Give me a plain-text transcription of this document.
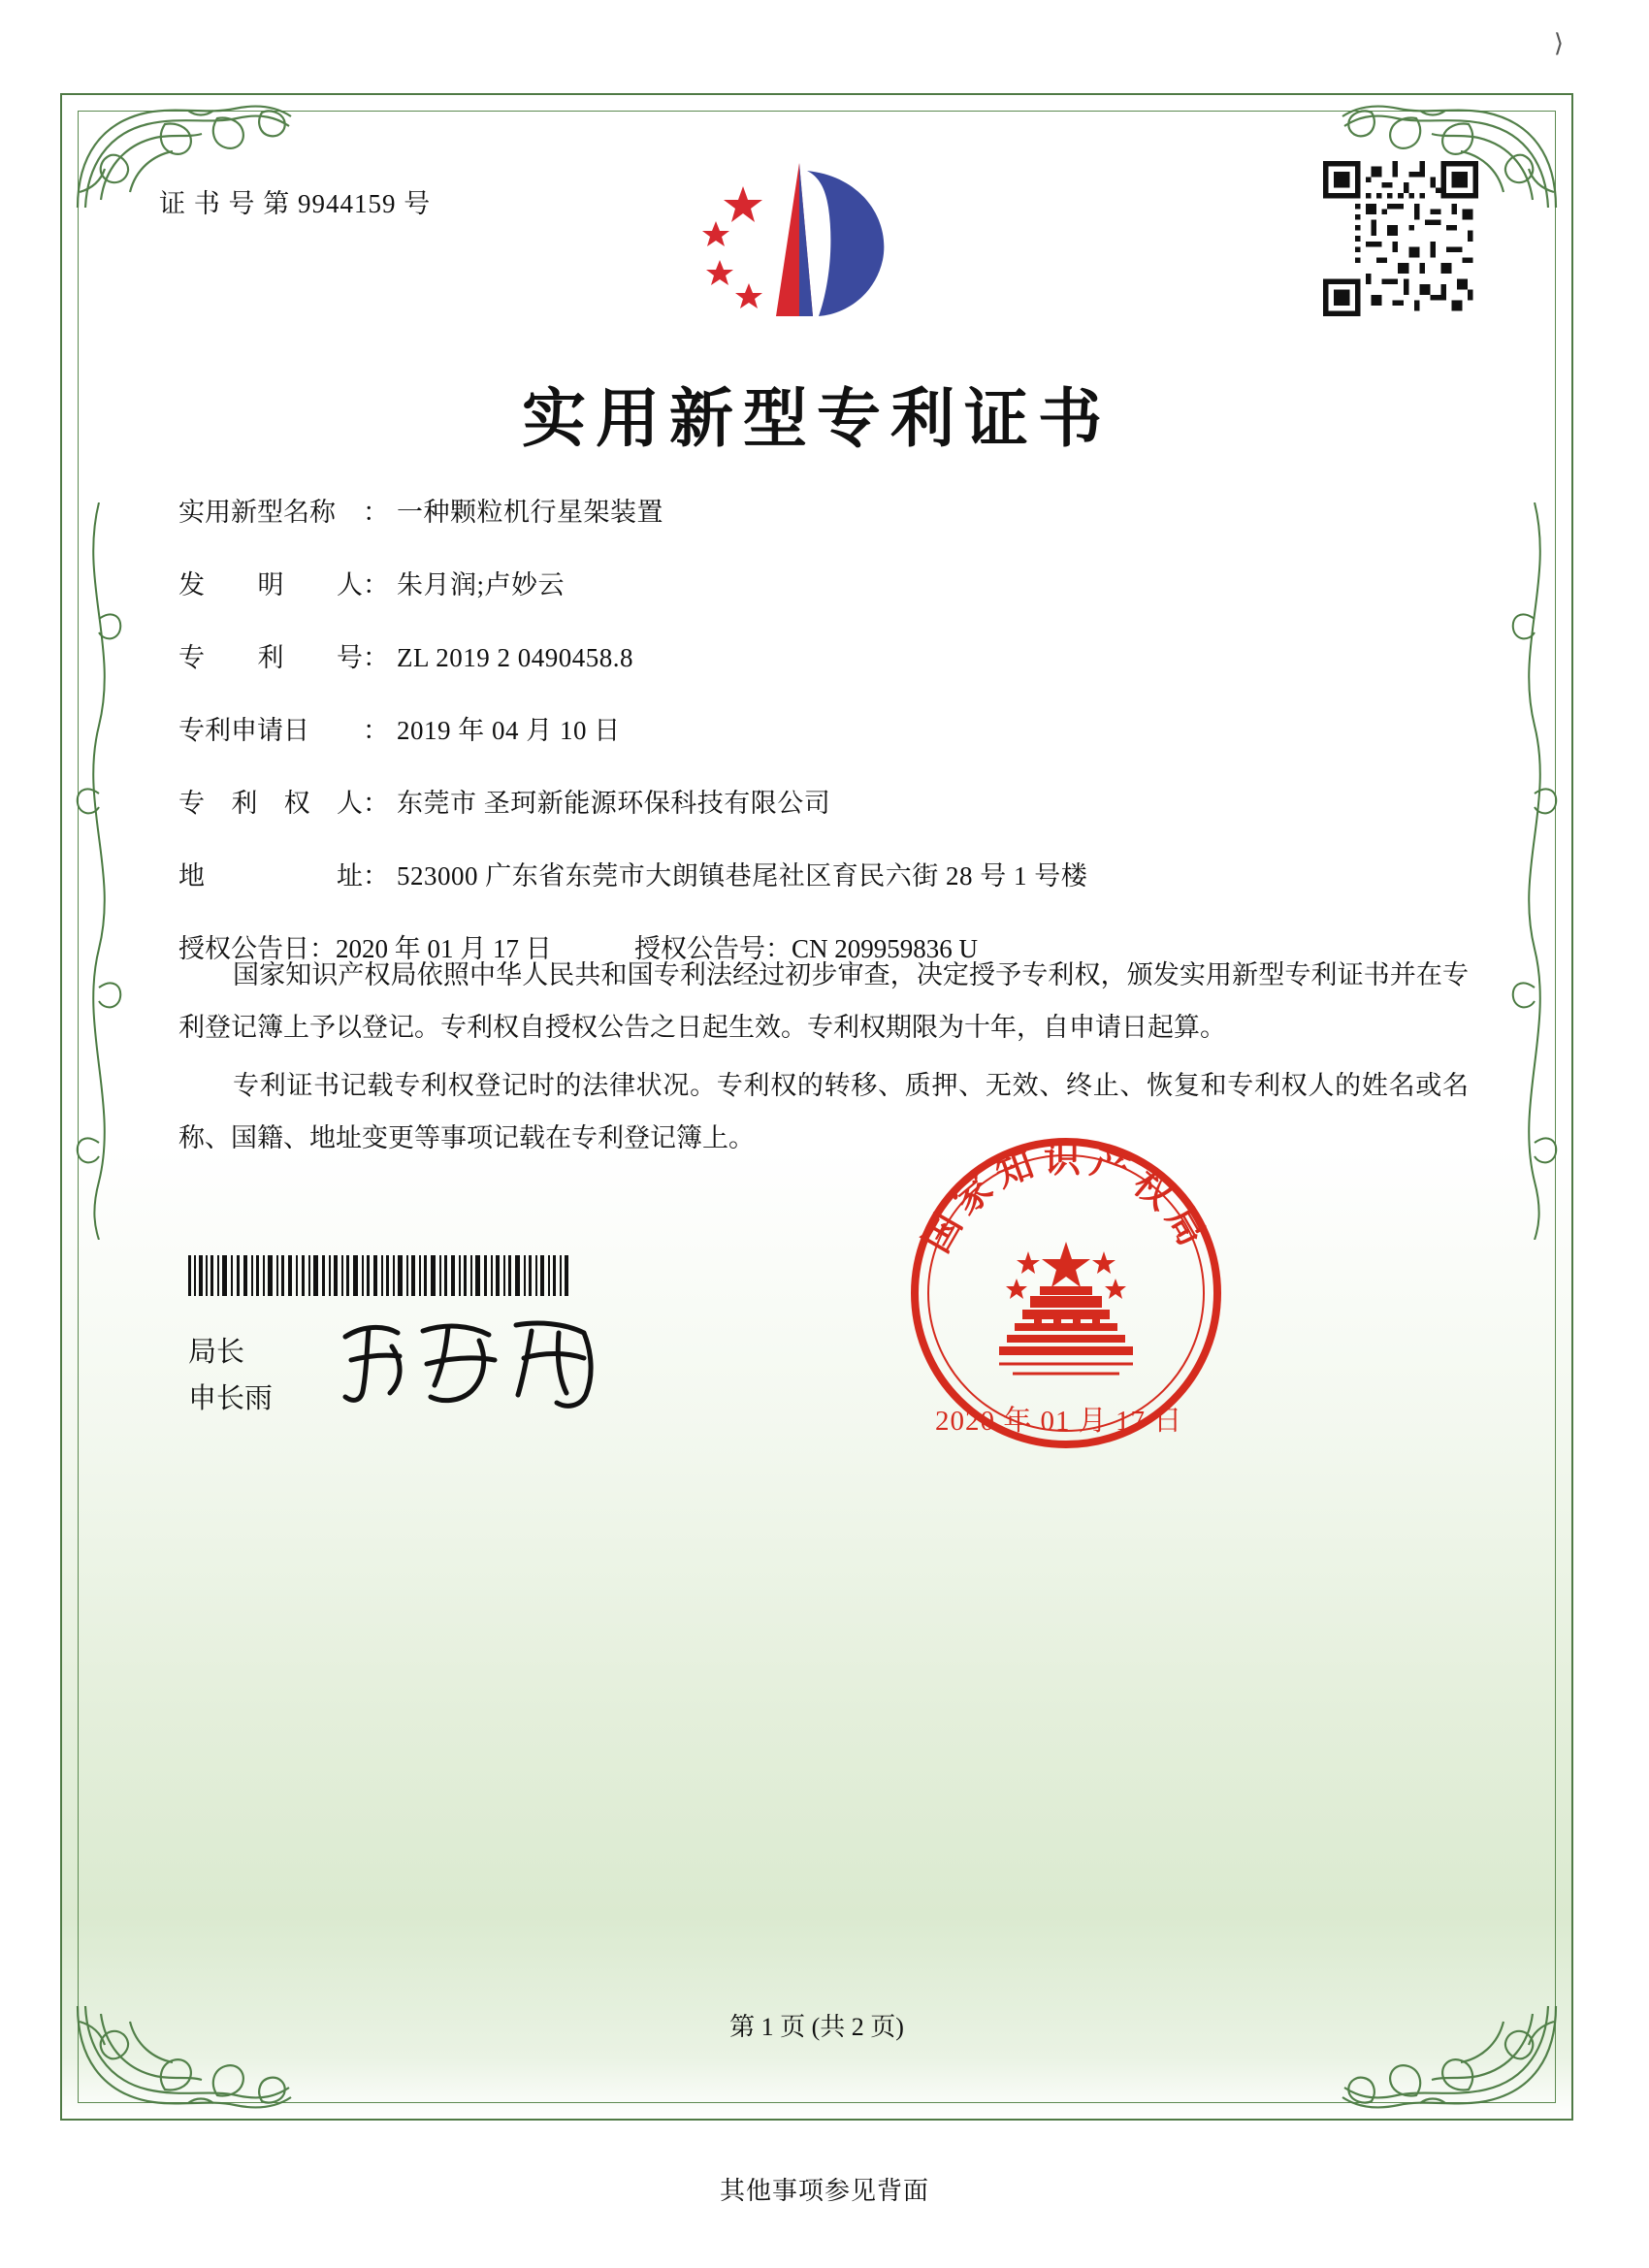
⟩
证 书 号 第 9944159 号
实用新型专利证书
实用新型名称	： 一种颗粒机行星架装置
发 明 人 ： 朱月润;卢妙云
专 利 号 ： ZL 2019 2 0490458.8
专利申请日	： 2019 年 04 月 10 日
专 利 权 人 ： 东莞市 圣珂新能源环保科技有限公司
地	址 ： 523000 广东省东莞市大朗镇巷尾社区育民六街 28 号 1 号楼
授权公告日：2020 年 01 月 17 日	授权公告号：CN 209959836 U

国家知识产权局依照中华人民共和国专利法经过初步审查，决定授予专利权，颁发实用新型专利证书并在专利登记簿上予以登记。专利权自授权公告之日起生效。专利权期限为十年，自申请日起算。

专利证书记载专利权登记时的法律状况。专利权的转移、质押、无效、终止、恢复和专利权人的姓名或名称、国籍、地址变更等事项记载在专利登记簿上。

局长
申长雨
国家知识产权局
2020 年 01 月 17 日
第 1 页 (共 2 页)
其他事项参见背面
